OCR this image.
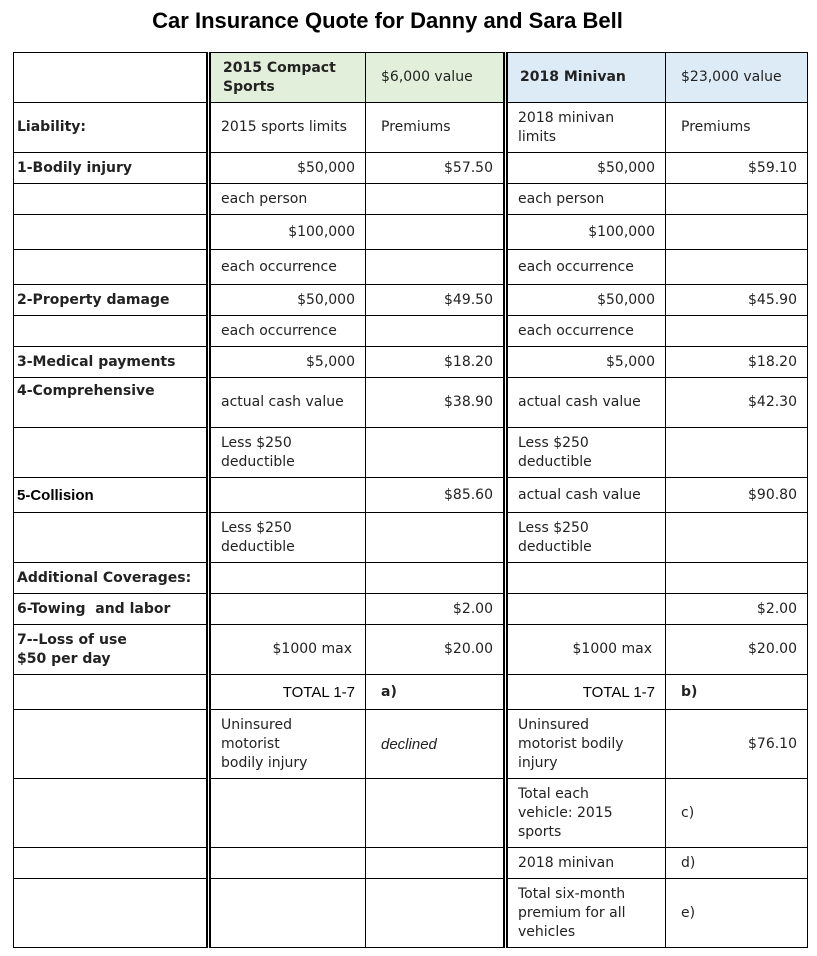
Car Insurance Quote for Danny and Sara Bell
	2015 Compact Sports	$6,000 value	2018 Minivan	$23,000 value
Liability:	2015 sports limits	Premiums	2018 minivan limits	Premiums
1-Bodily injury	$50,000	$57.50	$50,000	$59.10
	each person		each person	
	$100,000		$100,000	
	each occurrence		each occurrence	
2-Property damage	$50,000	$49.50	$50,000	$45.90
	each occurrence		each occurrence	
3-Medical payments	$5,000	$18.20	$5,000	$18.20
4-Comprehensive	actual cash value	$38.90	actual cash value	$42.30
	Less $250 deductible		Less $250 deductible	
5-Collision		$85.60	actual cash value	$90.80
	Less $250 deductible		Less $250 deductible	
Additional Coverages:				
6-Towing  and labor		$2.00		$2.00
7--Loss of use $50 per day	$1000 max	$20.00	$1000 max	$20.00
	TOTAL 1-7	a)	TOTAL 1-7	b)
	Uninsured motorist bodily injury	declined	Uninsured motorist bodily injury	$76.10
			Total each vehicle: 2015 sports	c)
			2018 minivan	d)
			Total six-month premium for all vehicles	e)
